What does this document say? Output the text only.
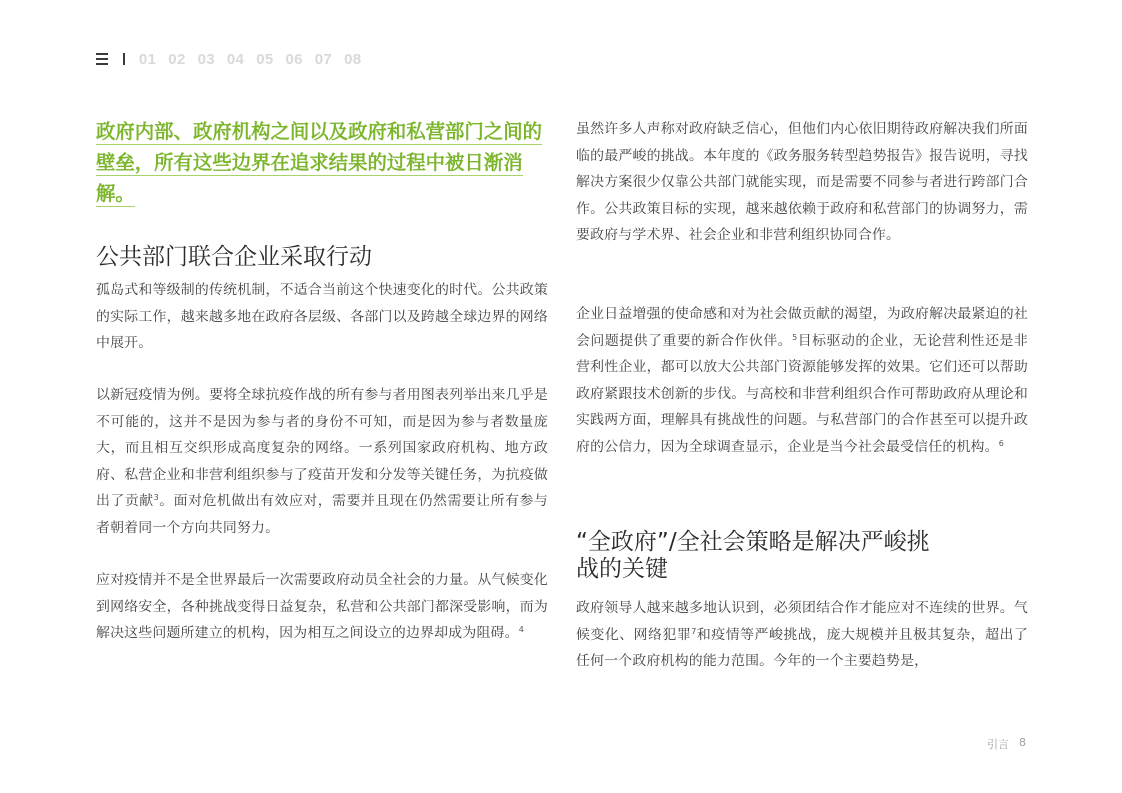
01 02 03 04 05 06 07 08

政府内部、政府机构之间以及政府和私营部门之间的壁垒，所有这些边界在追求结果的过程中被日渐消解。

公共部门联合企业采取行动

孤岛式和等级制的传统机制，不适合当前这个快速变化的时代。公共政策的实际工作，越来越多地在政府各层级、各部门以及跨越全球边界的网络中展开。

以新冠疫情为例。要将全球抗疫作战的所有参与者用图表列举出来几乎是不可能的，这并不是因为参与者的身份不可知，而是因为参与者数量庞大，而且相互交织形成高度复杂的网络。一系列国家政府机构、地方政府、私营企业和非营利组织参与了疫苗开发和分发等关键任务，为抗疫做出了贡献$^3$。面对危机做出有效应对，需要并且现在仍然需要让所有参与者朝着同一个方向共同努力。

应对疫情并不是全世界最后一次需要政府动员全社会的力量。从气候变化到网络安全，各种挑战变得日益复杂，私营和公共部门都深受影响，而为解决这些问题所建立的机构，因为相互之间设立的边界却成为阻碍。$^4$

虽然许多人声称对政府缺乏信心，但他们内心依旧期待政府解决我们所面临的最严峻的挑战。本年度的《政务服务转型趋势报告》报告说明，寻找解决方案很少仅靠公共部门就能实现，而是需要不同参与者进行跨部门合作。公共政策目标的实现，越来越依赖于政府和私营部门的协调努力，需要政府与学术界、社会企业和非营利组织协同合作。

企业日益增强的使命感和对为社会做贡献的渴望，为政府解决最紧迫的社会问题提供了重要的新合作伙伴。$^5$目标驱动的企业，无论营利性还是非营利性企业，都可以放大公共部门资源能够发挥的效果。它们还可以帮助政府紧跟技术创新的步伐。与高校和非营利组织合作可帮助政府从理论和实践两方面，理解具有挑战性的问题。与私营部门的合作甚至可以提升政府的公信力，因为全球调查显示，企业是当今社会最受信任的机构。$^6$

“全政府”/全社会策略是解决严峻挑战的关键

政府领导人越来越多地认识到，必须团结合作才能应对不连续的世界。气候变化、网络犯罪$^7$和疫情等严峻挑战，庞大规模并且极其复杂，超出了任何一个政府机构的能力范围。今年的一个主要趋势是，

引言 8
